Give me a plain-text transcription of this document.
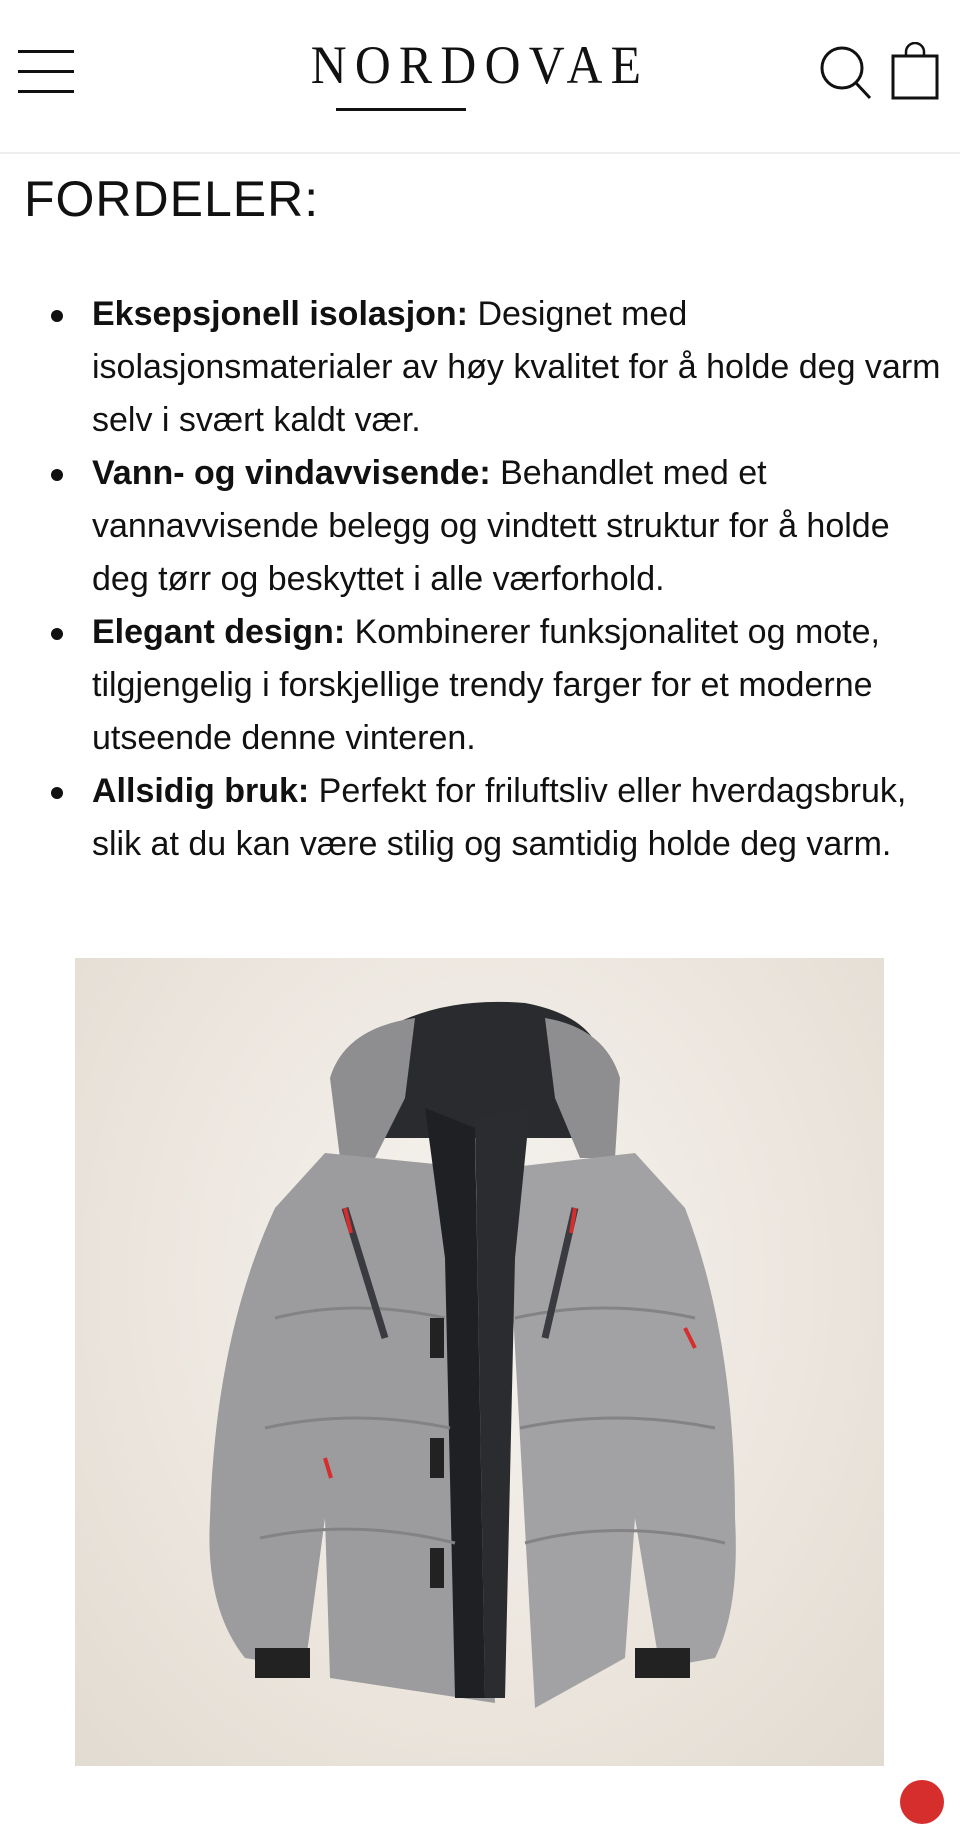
NORDOVAE
FORDELER:
Eksepsjonell isolasjon: Designet med isolasjonsmaterialer av høy kvalitet for å holde deg varm selv i svært kaldt vær.
Vann- og vindavvisende: Behandlet med et vannavvisende belegg og vindtett struktur for å holde deg tørr og beskyttet i alle værforhold.
Elegant design: Kombinerer funksjonalitet og mote, tilgjengelig i forskjellige trendy farger for et moderne utseende denne vinteren.
Allsidig bruk: Perfekt for friluftsliv eller hverdagsbruk, slik at du kan være stilig og samtidig holde deg varm.
